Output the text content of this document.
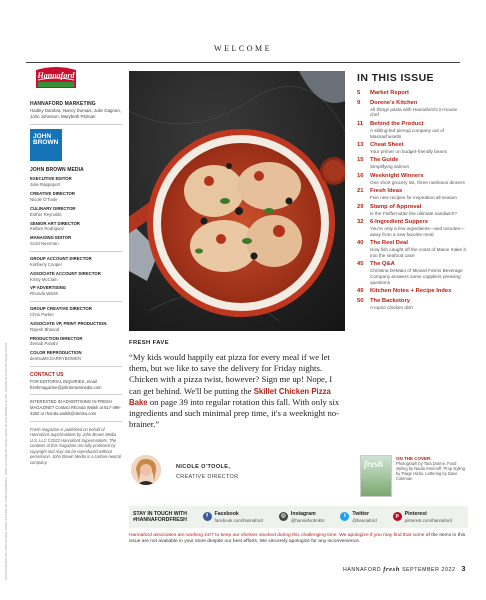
WELCOME
PHOTOGRAPHY BY TARA DONNE; FOOD STYLING BY NADIA SMIRNOFF; PROP STYLING BY PAIGE HICKS; BLACK MARBLE PLATE; DOORS STYLING BY PAIGE HICKS
Hannaford
HANNAFORD MARKETING
Hadley Dambra, Nancy Dumais, Julie Gagnon, John Johnston, Marybeth Pittman
JOHN BROWN
JOHN BROWN MEDIA
EXECUTIVE EDITOR
Julie Rappaport
CREATIVE DIRECTOR
Nicole O'Toole
CULINARY DIRECTOR
Esther Reynolds
SENIOR ART DIRECTOR
Kellam Rodriguez
MANAGING EDITOR
Scott Neerman
GROUP ACCOUNT DIRECTOR
Kimberly Cooper
ASSOCIATE ACCOUNT DIRECTOR
Kristy McClain
VP ADVERTISING
Rhonda Walsh
GROUP CREATIVE DIRECTOR
Chris Parker
ASSOCIATE VP, PRINT PRODUCTION
Rajesh Bhasod
PRODUCTION DIRECTOR
Zeinab Panahi
COLOR REPRODUCTION
dentsuMCGARRYBOWEN
CONTACT US
FOR EDITORIAL INQUIRIES, email freshmagazine@johnbrownmedia.com
INTERESTED IN ADVERTISING IN FRESH MAGAZINE? Contact Rhonda Walsh at 617-499-4260 or rhonda.walsh@dentsu.com
Fresh magazine is published on behalf of Hannaford Supermarkets by John Brown Media U.S. LLC ©2022 Hannaford Supermarkets. The contents of this magazine are fully protected by copyright and may not be reproduced without permission. John Brown Media is a carbon-neutral company.
FRESH FAVE
“My kids would happily eat pizza for every meal if we let them, but we like to save the delivery for Friday nights. Chicken with a pizza twist, however? Sign me up! Nope, I can get behind. We'll be putting the Skillet Chicken Pizza Bake on page 39 into regular rotation this fall. With only six ingredients and such minimal prep time, it's a weeknight no-brainer.”
NICOLE O'TOOLE,
CREATIVE DIRECTOR
IN THIS ISSUE
5	Market Report
9	Dorene's Kitchen
All things pasta with Hannaford's in-house chef
11	Behind the Product
A sibling-led pierogi company out of Massachusetts
13	Cheat Sheet
Your primer on budget-friendly beans
15	The Guide
Simplifying salmon
16	Weeknight Winners
One short grocery list, three nutritious dinners
21	Fresh Ideas
Five new recipes for inspiration all season
29	Stamp of Approval
Is the Fluffernutter the ultimate sandwich?
32	6-Ingredient Suppers
You're only a few ingredients—and minutes—away from a new favorite meal
40	The Reel Deal
How fish caught off the coast of Maine make it into the seafood case
45	The Q&A
Christina DeMaio of Minard Farms Beverage Company answers some cappliers pressing questions
49	Kitchen Notes + Recipe Index
50	The Backstory
A top10 chicken dish
fresh
ON THE COVER:
Photograph by Tara Donne. Food styling by Nadia Smirnoff. Prop styling by Paige Hicks. Lettering by Dave Coleman
STAY IN TOUCH WITH
#HANNAFORDFRESH
f	Facebook
facebook.com/hannaford
◎ Instagram
@hannafordmkts
t	Twitter
@hannaford
p	Pinterest
pinterest.com/hannaford
Hannaford associates are working 24/7 to keep our shelves stocked during this challenging time. We apologize if you may find that some of the items in this issue are not available in your store despite our best efforts. We sincerely apologize for any inconvenience.
HANNAFORD fresh SEPTEMBER 2022 3
